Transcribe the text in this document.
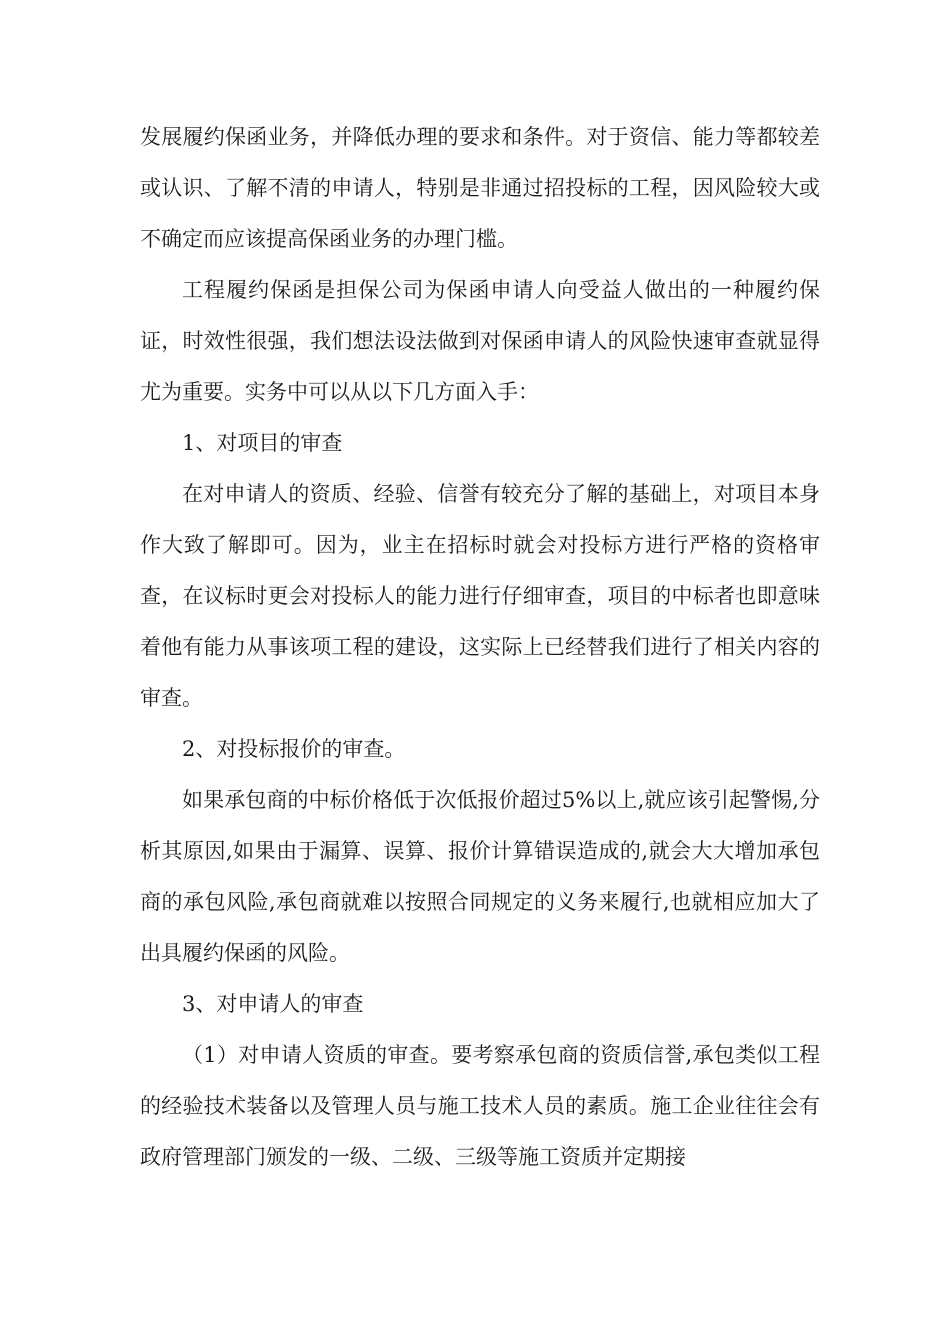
发展履约保函业务，并降低办理的要求和条件。对于资信、能力等都较差或认识、了解不清的申请人，特别是非通过招投标的工程，因风险较大或不确定而应该提高保函业务的办理门槛。

工程履约保函是担保公司为保函申请人向受益人做出的一种履约保证，时效性很强，我们想法设法做到对保函申请人的风险快速审查就显得尤为重要。实务中可以从以下几方面入手：

1、对项目的审查

在对申请人的资质、经验、信誉有较充分了解的基础上，对项目本身作大致了解即可。因为，业主在招标时就会对投标方进行严格的资格审查，在议标时更会对投标人的能力进行仔细审查，项目的中标者也即意味着他有能力从事该项工程的建设，这实际上已经替我们进行了相关内容的审查。

2、对投标报价的审查。

如果承包商的中标价格低于次低报价超过5%以上,就应该引起警惕,分析其原因,如果由于漏算、误算、报价计算错误造成的,就会大大增加承包商的承包风险,承包商就难以按照合同规定的义务来履行,也就相应加大了出具履约保函的风险。

3、对申请人的审查

（1）对申请人资质的审查。要考察承包商的资质信誉,承包类似工程的经验技术装备以及管理人员与施工技术人员的素质。施工企业往往会有政府管理部门颁发的一级、二级、三级等施工资质并定期接
